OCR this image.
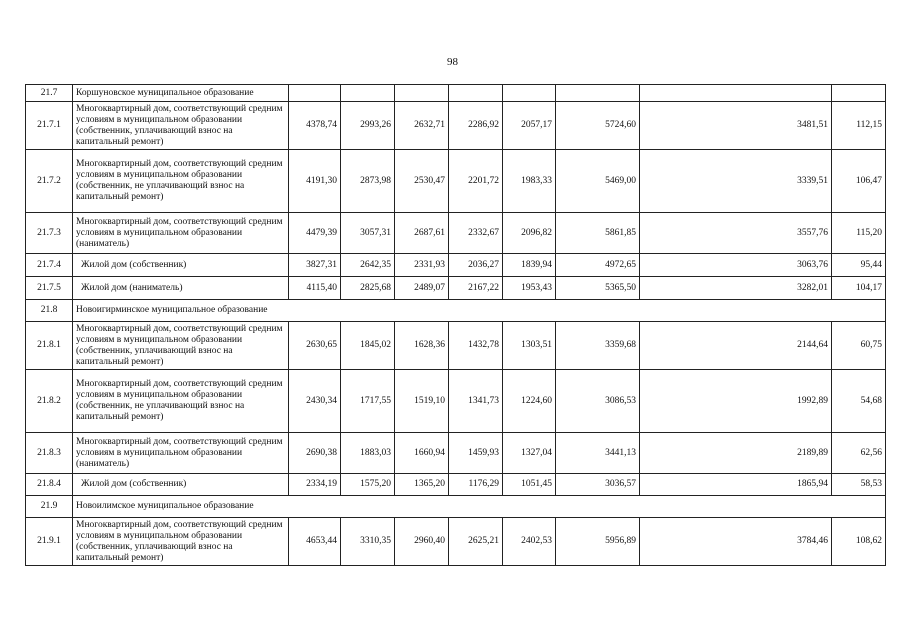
98
21.7	Коршуновское муниципальное образование								
21.7.1	Многоквартирный дом, соответствующий средним условиям в муниципальном образовании (собственник, уплачивающий взнос на капитальный ремонт)	4378,74	2993,26	2632,71	2286,92	2057,17	5724,60	3481,51	112,15
21.7.2	Многоквартирный дом, соответствующий средним условиям в муниципальном образовании (собственник, не уплачивающий взнос на капитальный ремонт)	4191,30	2873,98	2530,47	2201,72	1983,33	5469,00	3339,51	106,47
21.7.3	Многоквартирный дом, соответствующий средним условиям в муниципальном образовании (наниматель)	4479,39	3057,31	2687,61	2332,67	2096,82	5861,85	3557,76	115,20
21.7.4	Жилой дом (собственник)	3827,31	2642,35	2331,93	2036,27	1839,94	4972,65	3063,76	95,44
21.7.5	Жилой дом (наниматель)	4115,40	2825,68	2489,07	2167,22	1953,43	5365,50	3282,01	104,17
21.8	Новоигирминское муниципальное образование								
21.8.1	Многоквартирный дом, соответствующий средним условиям в муниципальном образовании (собственник, уплачивающий взнос на капитальный ремонт)	2630,65	1845,02	1628,36	1432,78	1303,51	3359,68	2144,64	60,75
21.8.2	Многоквартирный дом, соответствующий средним условиям в муниципальном образовании (собственник, не уплачивающий взнос на капитальный ремонт)	2430,34	1717,55	1519,10	1341,73	1224,60	3086,53	1992,89	54,68
21.8.3	Многоквартирный дом, соответствующий средним условиям в муниципальном образовании (наниматель)	2690,38	1883,03	1660,94	1459,93	1327,04	3441,13	2189,89	62,56
21.8.4	Жилой дом (собственник)	2334,19	1575,20	1365,20	1176,29	1051,45	3036,57	1865,94	58,53
21.9	Новоилимское муниципальное образование								
21.9.1	Многоквартирный дом, соответствующий средним условиям в муниципальном образовании (собственник, уплачивающий взнос на капитальный ремонт)	4653,44	3310,35	2960,40	2625,21	2402,53	5956,89	3784,46	108,62
